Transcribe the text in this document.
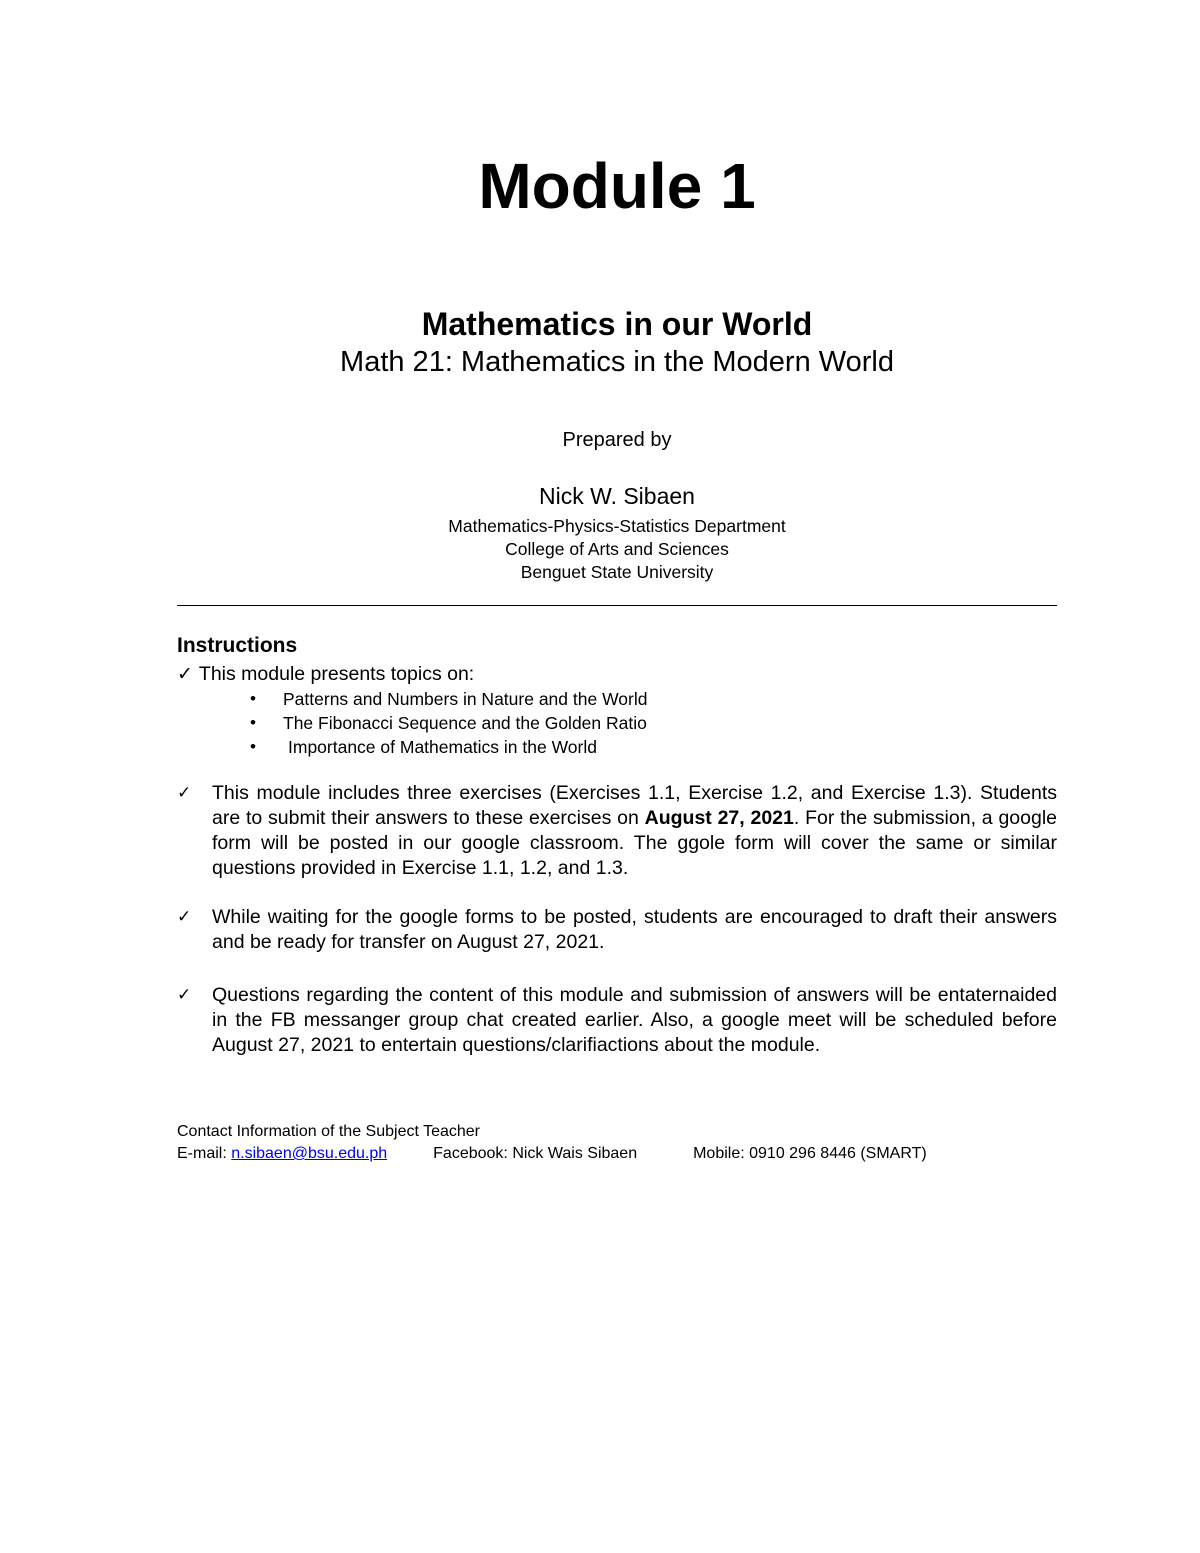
Module 1
Mathematics in our World
Math 21: Mathematics in the Modern World
Prepared by
Nick W. Sibaen
Mathematics-Physics-Statistics Department
College of Arts and Sciences
Benguet State University
Instructions
✓ This module presents topics on:
• Patterns and Numbers in Nature and the World
• The Fibonacci Sequence and the Golden Ratio
• Importance of Mathematics in the World
✓ This module includes three exercises (Exercises 1.1, Exercise 1.2, and Exercise 1.3). Students are to submit their answers to these exercises on August 27, 2021. For the submission, a google form will be posted in our google classroom. The ggole form will cover the same or similar questions provided in Exercise 1.1, 1.2, and 1.3.
✓ While waiting for the google forms to be posted, students are encouraged to draft their answers and be ready for transfer on August 27, 2021.
✓ Questions regarding the content of this module and submission of answers will be entaternaided in the FB messanger group chat created earlier. Also, a google meet will be scheduled before August 27, 2021 to entertain questions/clarifiactions about the module.
Contact Information of the Subject Teacher
E-mail: n.sibaen@bsu.edu.ph	Facebook: Nick Wais Sibaen	Mobile: 0910 296 8446 (SMART)
